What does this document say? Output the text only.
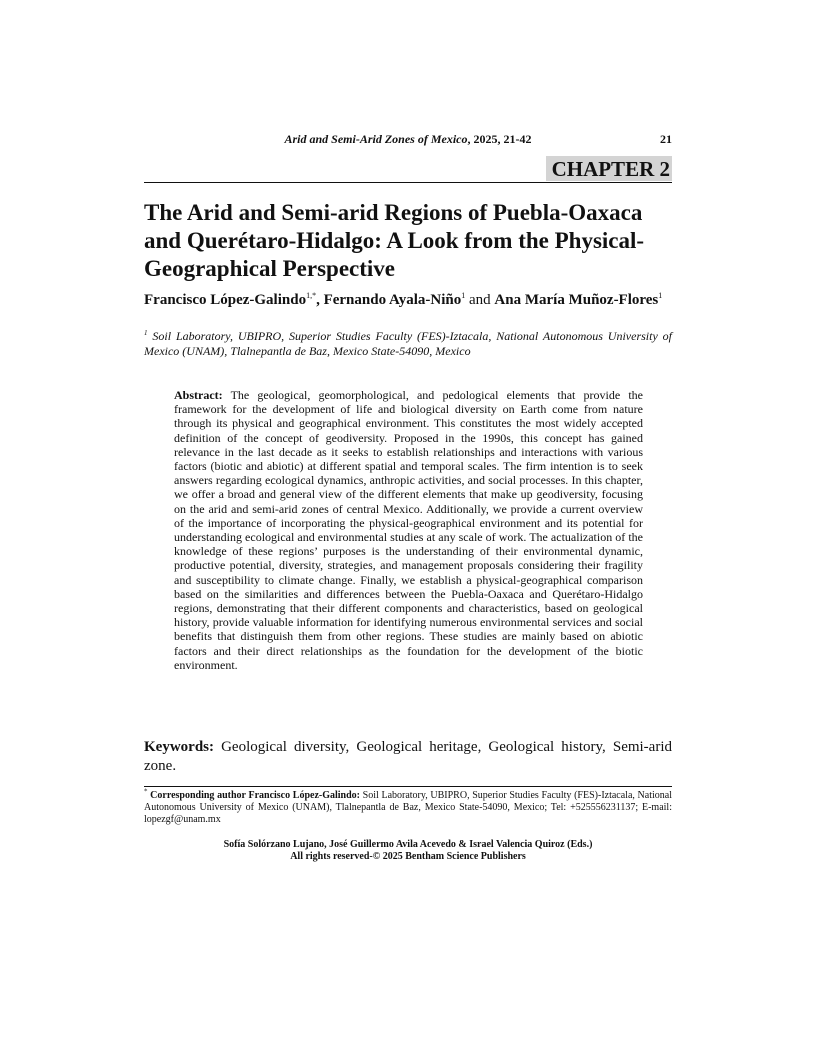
Arid and Semi-Arid Zones of Mexico, 2025, 21-42	21
CHAPTER 2
The Arid and Semi-arid Regions of Puebla-Oaxaca and Querétaro-Hidalgo: A Look from the Physical-Geographical Perspective
Francisco López-Galindo$^{1,*}$, Fernando Ayala-Niño$^1$ and Ana María Muñoz-Flores$^1$
$^1$ Soil Laboratory, UBIPRO, Superior Studies Faculty (FES)-Iztacala, National Autonomous University of Mexico (UNAM), Tlalnepantla de Baz, Mexico State-54090, Mexico
Abstract: The geological, geomorphological, and pedological elements that provide the framework for the development of life and biological diversity on Earth come from nature through its physical and geographical environment. This constitutes the most widely accepted definition of the concept of geodiversity. Proposed in the 1990s, this concept has gained relevance in the last decade as it seeks to establish relationships and interactions with various factors (biotic and abiotic) at different spatial and temporal scales. The firm intention is to seek answers regarding ecological dynamics, anthropic activities, and social processes. In this chapter, we offer a broad and general view of the different elements that make up geodiversity, focusing on the arid and semi-arid zones of central Mexico. Additionally, we provide a current overview of the importance of incorporating the physical-geographical environment and its potential for understanding ecological and environmental studies at any scale of work. The actualization of the knowledge of these regions’ purposes is the understanding of their environmental dynamic, productive potential, diversity, strategies, and management proposals considering their fragility and susceptibility to climate change. Finally, we establish a physical-geographical comparison based on the similarities and differences between the Puebla-Oaxaca and Querétaro-Hidalgo regions, demonstrating that their different components and characteristics, based on geological history, provide valuable information for identifying numerous environmental services and social benefits that distinguish them from other regions. These studies are mainly based on abiotic factors and their direct relationships as the foundation for the development of the biotic environment.
Keywords: Geological diversity, Geological heritage, Geological history, Semi-arid zone.
* Corresponding author Francisco López-Galindo: Soil Laboratory, UBIPRO, Superior Studies Faculty (FES)-Iztacala, National Autonomous University of Mexico (UNAM), Tlalnepantla de Baz, Mexico State-54090, Mexico; Tel: +525556231137; E-mail: lopezgf@unam.mx
Sofía Solórzano Lujano, José Guillermo Avila Acevedo & Israel Valencia Quiroz (Eds.)
All rights reserved-© 2025 Bentham Science Publishers
